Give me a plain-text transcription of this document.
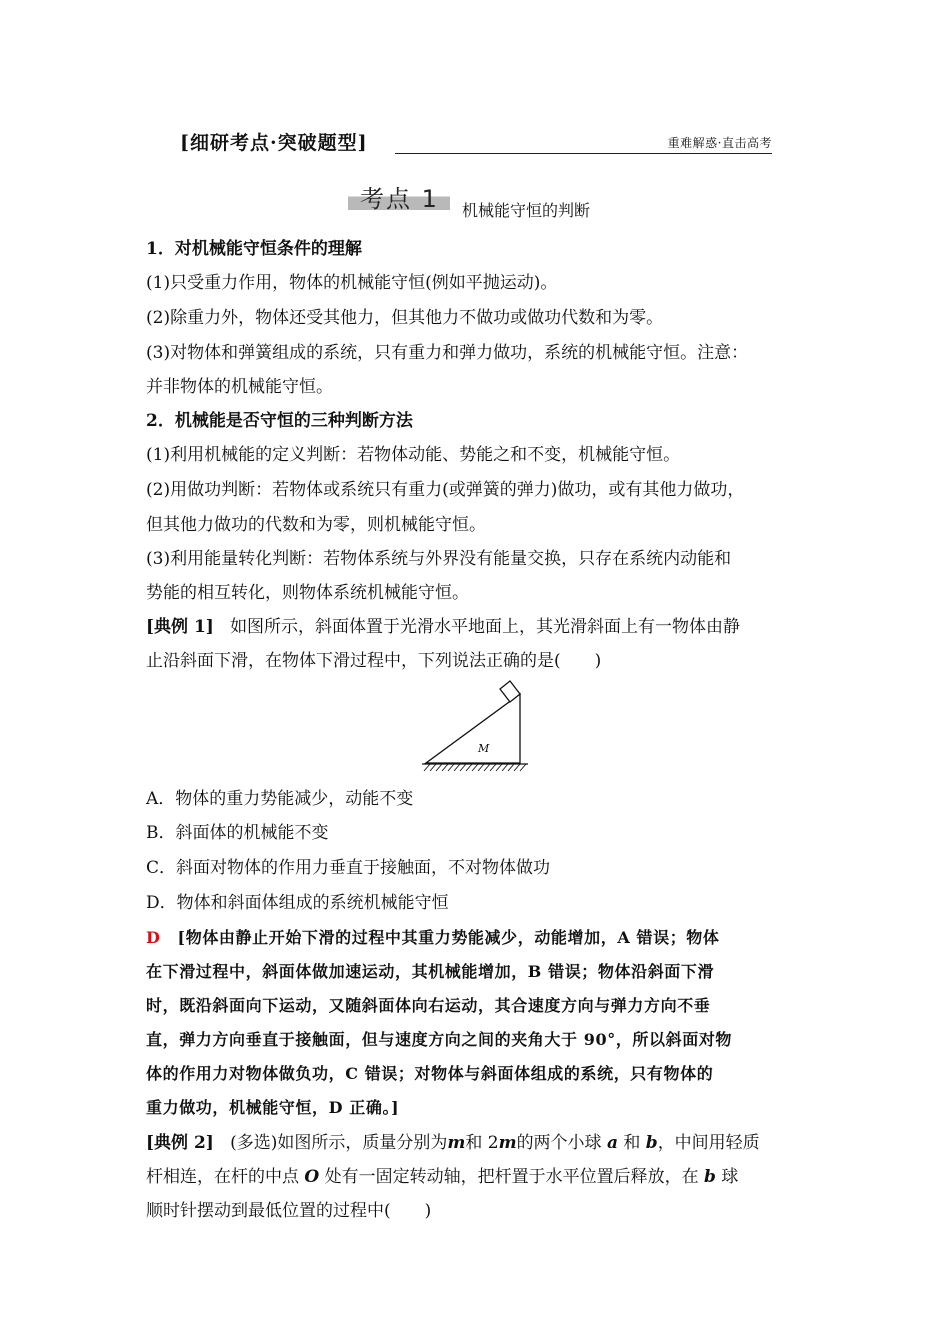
[细研考点·突破题型]	重难解惑·直击高考
考点 1 机械能守恒的判断
1．对机械能守恒条件的理解
(1)只受重力作用，物体的机械能守恒(例如平抛运动)。
(2)除重力外，物体还受其他力，但其他力不做功或做功代数和为零。
(3)对物体和弹簧组成的系统，只有重力和弹力做功，系统的机械能守恒。注意：
并非物体的机械能守恒。
2．机械能是否守恒的三种判断方法
(1)利用机械能的定义判断：若物体动能、势能之和不变，机械能守恒。
(2)用做功判断：若物体或系统只有重力(或弹簧的弹力)做功，或有其他力做功，
但其他力做功的代数和为零，则机械能守恒。
(3)利用能量转化判断：若物体系统与外界没有能量交换，只存在系统内动能和
势能的相互转化，则物体系统机械能守恒。
[典例 1] 如图所示，斜面体置于光滑水平地面上，其光滑斜面上有一物体由静
止沿斜面下滑，在物体下滑过程中，下列说法正确的是(　　)
M
A．物体的重力势能减少，动能不变
B．斜面体的机械能不变
C．斜面对物体的作用力垂直于接触面，不对物体做功
D．物体和斜面体组成的系统机械能守恒
D [物体由静止开始下滑的过程中其重力势能减少，动能增加，A 错误；物体
在下滑过程中，斜面体做加速运动，其机械能增加，B 错误；物体沿斜面下滑
时，既沿斜面向下运动，又随斜面体向右运动，其合速度方向与弹力方向不垂
直，弹力方向垂直于接触面，但与速度方向之间的夹角大于 90°，所以斜面对物
体的作用力对物体做负功，C 错误；对物体与斜面体组成的系统，只有物体的
重力做功，机械能守恒，D 正确。]
[典例 2] (多选)如图所示，质量分别为m和 2m的两个小球 a 和 b，中间用轻质
杆相连，在杆的中点 O 处有一固定转动轴，把杆置于水平位置后释放，在 b 球
顺时针摆动到最低位置的过程中(　　)
